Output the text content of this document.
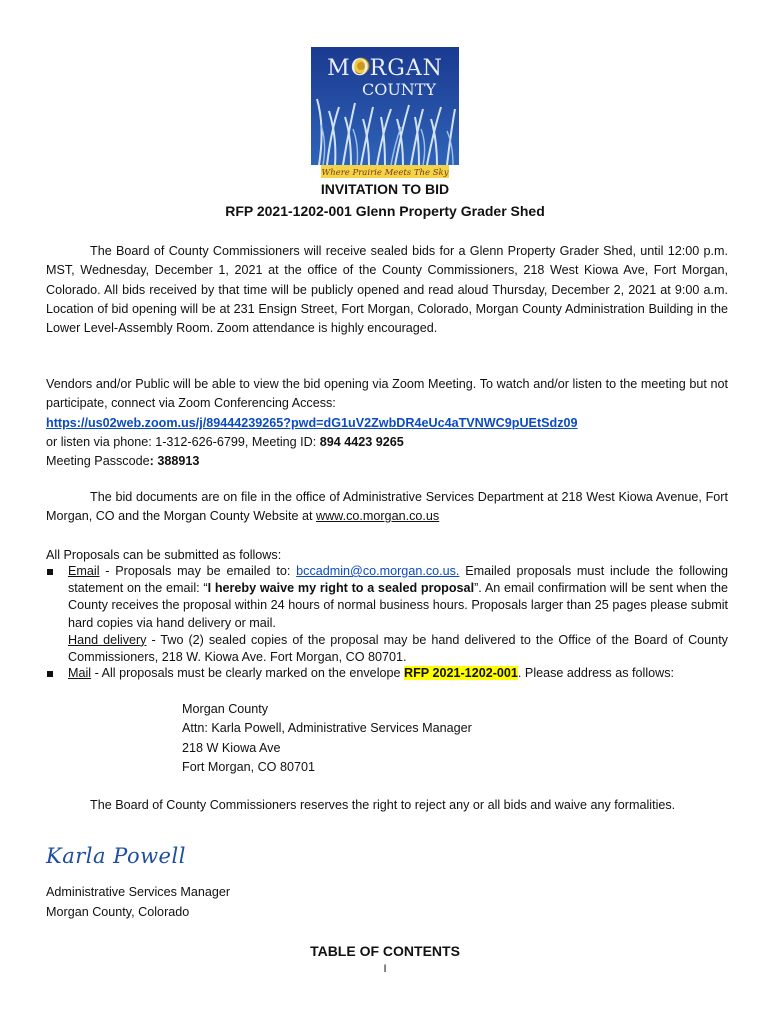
MORGAN
COUNTY
Where Prairie Meets The Sky
INVITATION TO BID
RFP 2021-1202-001 Glenn Property Grader Shed

The Board of County Commissioners will receive sealed bids for a Glenn Property Grader Shed, until 12:00 p.m. MST, Wednesday, December 1, 2021 at the office of the County Commissioners, 218 West Kiowa Ave, Fort Morgan, Colorado. All bids received by that time will be publicly opened and read aloud Thursday, December 2, 2021 at 9:00 a.m. Location of bid opening will be at 231 Ensign Street, Fort Morgan, Colorado, Morgan County Administration Building in the Lower Level-Assembly Room. Zoom attendance is highly encouraged.

Vendors and/or Public will be able to view the bid opening via Zoom Meeting. To watch and/or listen to the meeting but not participate, connect via Zoom Conferencing Access:
https://us02web.zoom.us/j/89444239265?pwd=dG1uV2ZwbDR4eUc4aTVNWC9pUEtSdz09
or listen via phone: 1-312-626-6799, Meeting ID: 894 4423 9265
Meeting Passcode: 388913

The bid documents are on file in the office of Administrative Services Department at 218 West Kiowa Avenue, Fort Morgan, CO and the Morgan County Website at www.co.morgan.co.us

All Proposals can be submitted as follows:
Email - Proposals may be emailed to: bccadmin@co.morgan.co.us. Emailed proposals must include the following statement on the email: “I hereby waive my right to a sealed proposal”. An email confirmation will be sent when the County receives the proposal within 24 hours of normal business hours. Proposals larger than 25 pages please submit hard copies via hand delivery or mail.
Hand delivery - Two (2) sealed copies of the proposal may be hand delivered to the Office of the Board of County Commissioners, 218 W. Kiowa Ave. Fort Morgan, CO 80701.
Mail - All proposals must be clearly marked on the envelope RFP 2021-1202-001. Please address as follows:
Morgan County
Attn: Karla Powell, Administrative Services Manager
218 W Kiowa Ave
Fort Morgan, CO 80701

The Board of County Commissioners reserves the right to reject any or all bids and waive any formalities.

Karla Powell
Administrative Services Manager
Morgan County, Colorado
TABLE OF CONTENTS
I
